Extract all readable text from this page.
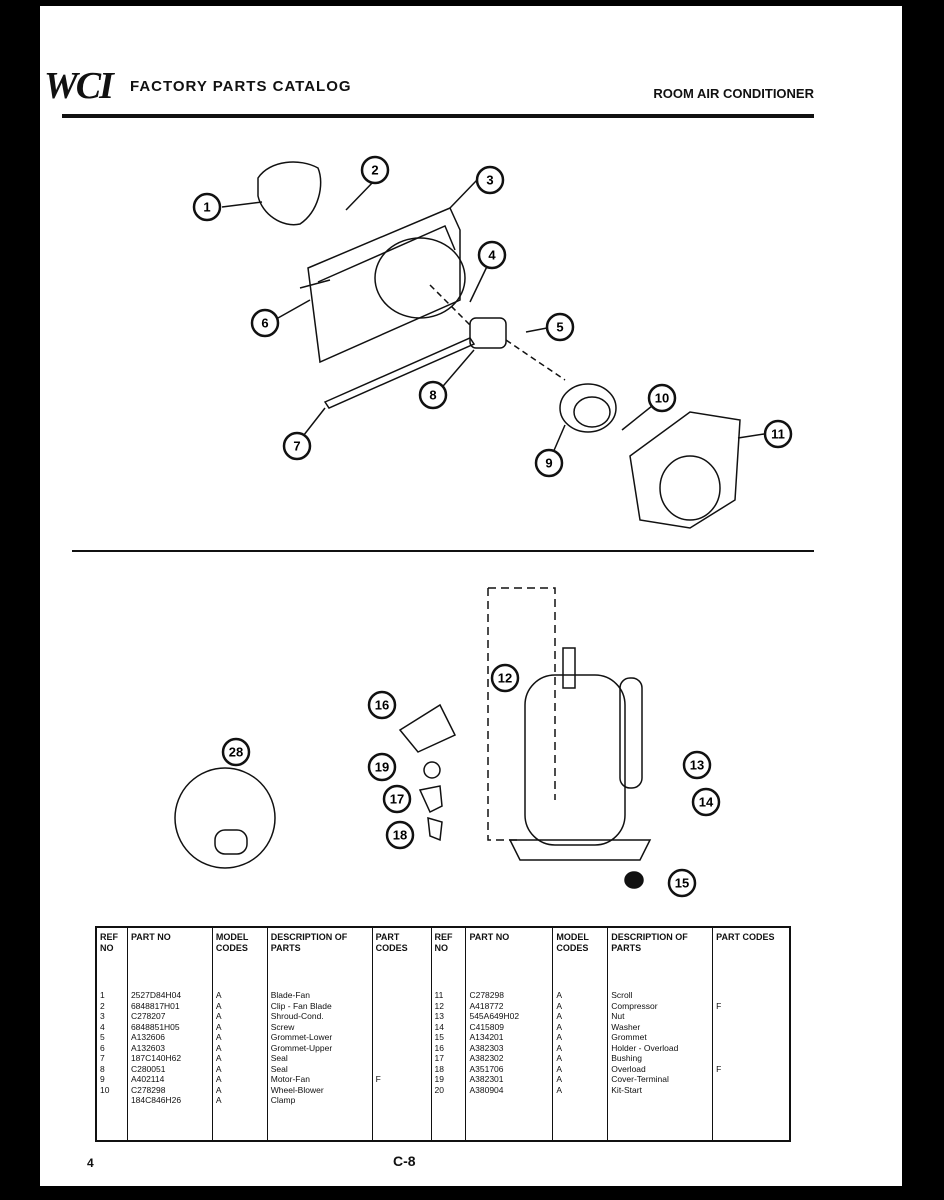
WCI FACTORY PARTS CATALOG	ROOM AIR CONDITIONER
1
2
3
4
5
6
7
8
9
10
11
12
13
14
15
16
17
18
19
28
REF NO
1
2
3
4
5
6
7
8
9
10
PART NO
2527D84H04
6848817H01
C278207
6848851H05
A132606
A132603
187C140H62
C280051
A402114
C278298
184C846H26
MODEL CODES
A
A
A
A
A
A
A
A
A
A
A
DESCRIPTION OF PARTS
Blade-Fan
Clip - Fan Blade
Shroud-Cond.
Screw
Grommet-Lower
Grommet-Upper
Seal
Seal
Motor-Fan
Wheel-Blower
Clamp
PART CODES
F
REF NO
11
12
13
14
15
16
17
18
19
20
PART NO
C278298
A418772
545A649H02
C415809
A134201
A382303
A382302
A351706
A382301
A380904
MODEL CODES
A
A
A
A
A
A
A
A
A
A
DESCRIPTION OF PARTS
Scroll
Compressor
Nut
Washer
Grommet
Holder - Overload
Bushing
Overload
Cover-Terminal
Kit-Start
PART CODES
F
F
4	C-8
